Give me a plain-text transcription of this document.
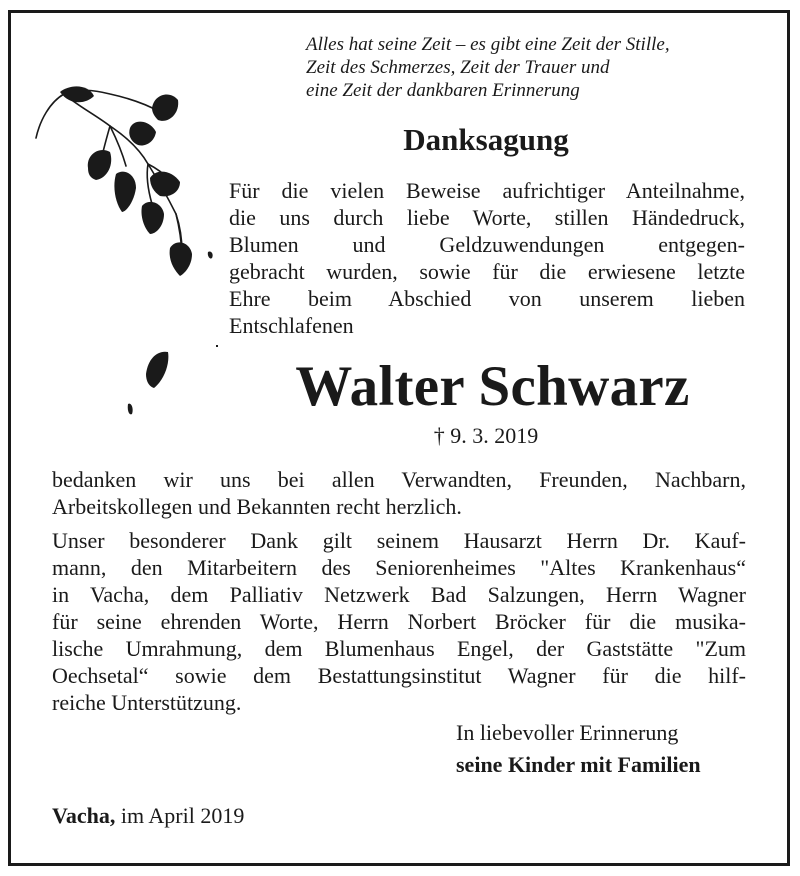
Alles hat seine Zeit – es gibt eine Zeit der Stille,
Zeit des Schmerzes, Zeit der Trauer und
eine Zeit der dankbaren Erinnerung
Danksagung
Für die vielen Beweise aufrichtiger Anteilnahme,
die uns durch liebe Worte, stillen Händedruck,
Blumen und Geldzuwendungen entgegen-
gebracht wurden, sowie für die erwiesene letzte
Ehre beim Abschied von unserem lieben
Entschlafenen
Walter Schwarz
† 9. 3. 2019
bedanken wir uns bei allen Verwandten, Freunden, Nachbarn,
Arbeitskollegen und Bekannten recht herzlich.
Unser besonderer Dank gilt seinem Hausarzt Herrn Dr. Kauf-
mann, den Mitarbeitern des Seniorenheimes "Altes Krankenhaus“
in Vacha, dem Palliativ Netzwerk Bad Salzungen, Herrn Wagner
für seine ehrenden Worte, Herrn Norbert Bröcker für die musika-
lische Umrahmung, dem Blumenhaus Engel, der Gaststätte "Zum
Oechsetal“ sowie dem Bestattungsinstitut Wagner für die hilf-
reiche Unterstützung.
In liebevoller Erinnerung
seine Kinder mit Familien
Vacha, im April 2019
